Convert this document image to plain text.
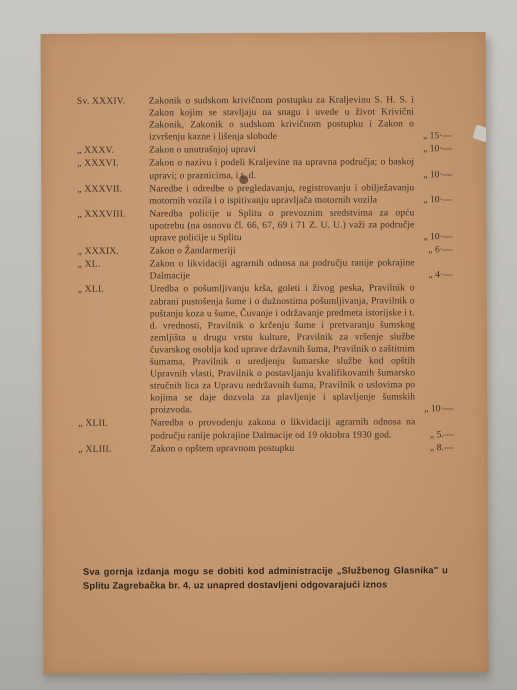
Sv. XXXIV.	Zakonik o sudskom krivičnom postupku za Kraljevinu S. H. S. i Zakon kojim se stavljaju na snagu i uvede u život Krivični Zakonik, Zakonik o sudskom krivičnom postupku i Zakon o izvršenju kazne i lišenja slobode	„ 15·—
„ XXXV.	Zakon o unutrašnjoj upravi	„ 10·—
„ XXXVI.	Zakon o nazivu i podeli Kraljevine na upravna područja; o baskoj upravi; o praznicima, i t. d.	„ 10·—
„ XXXVII.	Naredbe i odredbe o pregledavanju, registrovanju i obilježavanju motornih vozila i o ispitivanju upravljača motornih vozila	„ 10·—
„ XXXVIII.	Naredba policije u Splitu o prevoznim sredstvima za opću upotrebu (na osnovu čl. 66, 67, 69 i 71 Z. U. U.) važi za područje uprave policije u Splitu	„ 10·—
„ XXXIX.	Zakon o Žandarmeriji	„ 6·—
„ XL.	Zakon o likvidaciji agrarnih odnosa na području ranije pokrajine Dalmacije	„ 4·—
„ XLI.	Uredba o pošumljivanju krša, goleti i živog peska, Pravilnik o zabrani pustošenja šume i o dužnostima pošumljivanja, Pravilnik o puštanju koza u šume, Čuvanje i održavanje predmeta istorijske i t. d. vrednosti, Pravilnik o krčenju šume i pretvaranju šumskog zemljišta u drugu vrstu kulture, Pravilnik za vršenje službe čuvarskog osoblja kod uprave državnih šuma, Pravilnik o zaštitnim šumama, Pravilnik o uredjenju šumarske službe kod opštih Upravnih vlasti, Pravilnik o postavljanju kvalifikovanih šumarsko stručnih lica za Upravu nedržavnih šuma, Pravilnik o uslovima po kojima se daje dozvola za plavljenje i splavljenje šumskih proizvoda.	„ 10·—
„ XLII.	Naredba o provodenju zakona o likvidaciji agrarnih odnosa na području ranije pokrajine Dalmacije od 19 oktobra 1930 god.	„ 5.—
„ XLIII.	Zakon o opštem upravnom postupku	„ 8.—
Sva gornja izdanja mogu se dobiti kod administracije „Službenog Glasnika" u Splitu Zagrebačka br. 4. uz unapred dostavljeni odgovarajući iznos
